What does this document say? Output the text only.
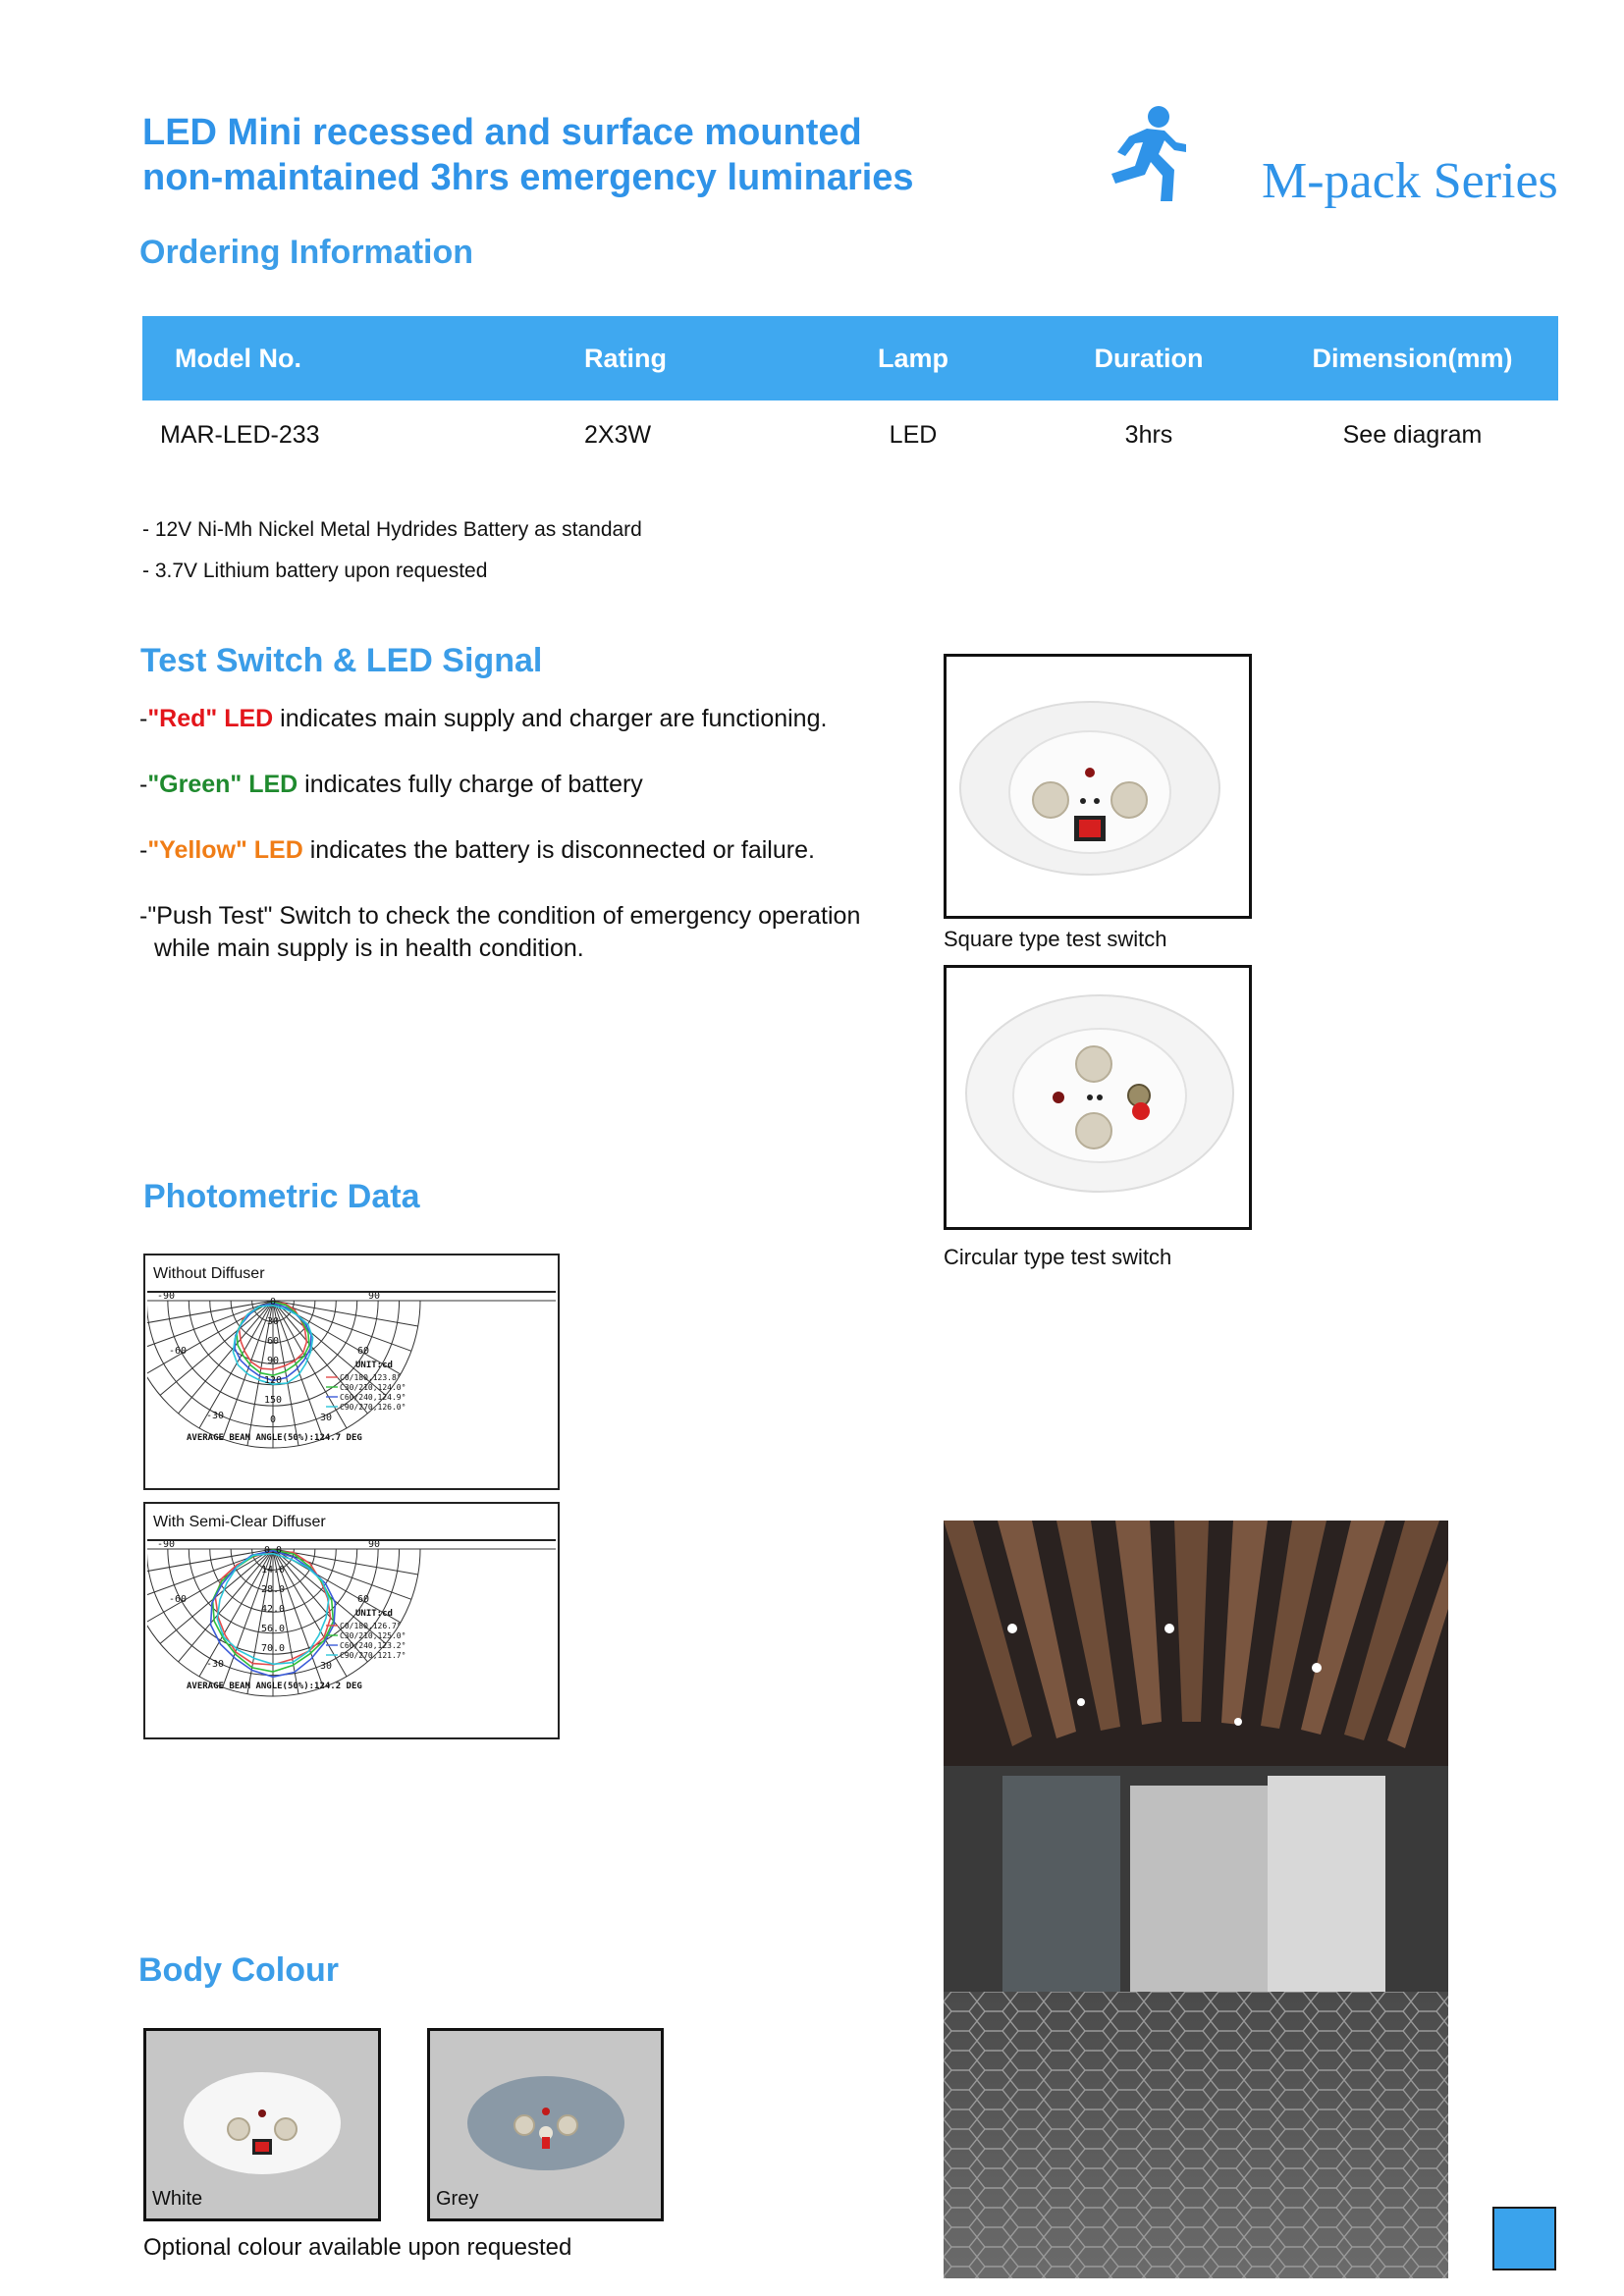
LED Mini recessed and surface mounted
non-maintained 3hrs emergency luminaries	M-pack Series
Ordering Information
Model No.	Rating	Lamp	Duration	Dimension(mm)
MAR-LED-233	2X3W	LED	3hrs	See diagram
- 12V Ni-Mh Nickel Metal Hydrides Battery as standard
- 3.7V Lithium battery upon requested
Test Switch & LED Signal
-"Red" LED indicates main supply and charger are functioning.
-"Green" LED indicates fully charge of battery
-"Yellow" LED indicates the battery is disconnected or failure.
-"Push Test" Switch to check the condition of emergency operation
while main supply is in health condition.	Square type test switch
Circular type test switch
Photometric Data
Without Diffuser
-90
-60
-30
90
60
30
0
30
60
90
120
150
0
UNIT:cd
C0/180,123.8°
C30/210,124.0°
C60/240,124.9°
C90/270,126.0°
AVERAGE BEAM ANGLE(50%):124.7 DEG
With Semi-Clear Diffuser
-90
-60
-30
90
60
30
0.0
14.0
28.0
42.0
56.0
70.0
UNIT:cd
C0/180,126.7°
C30/210,125.0°
C60/240,123.2°
C90/270,121.7°
AVERAGE BEAM ANGLE(50%):124.2 DEG
Body Colour
White	Grey
Optional colour available upon requested
